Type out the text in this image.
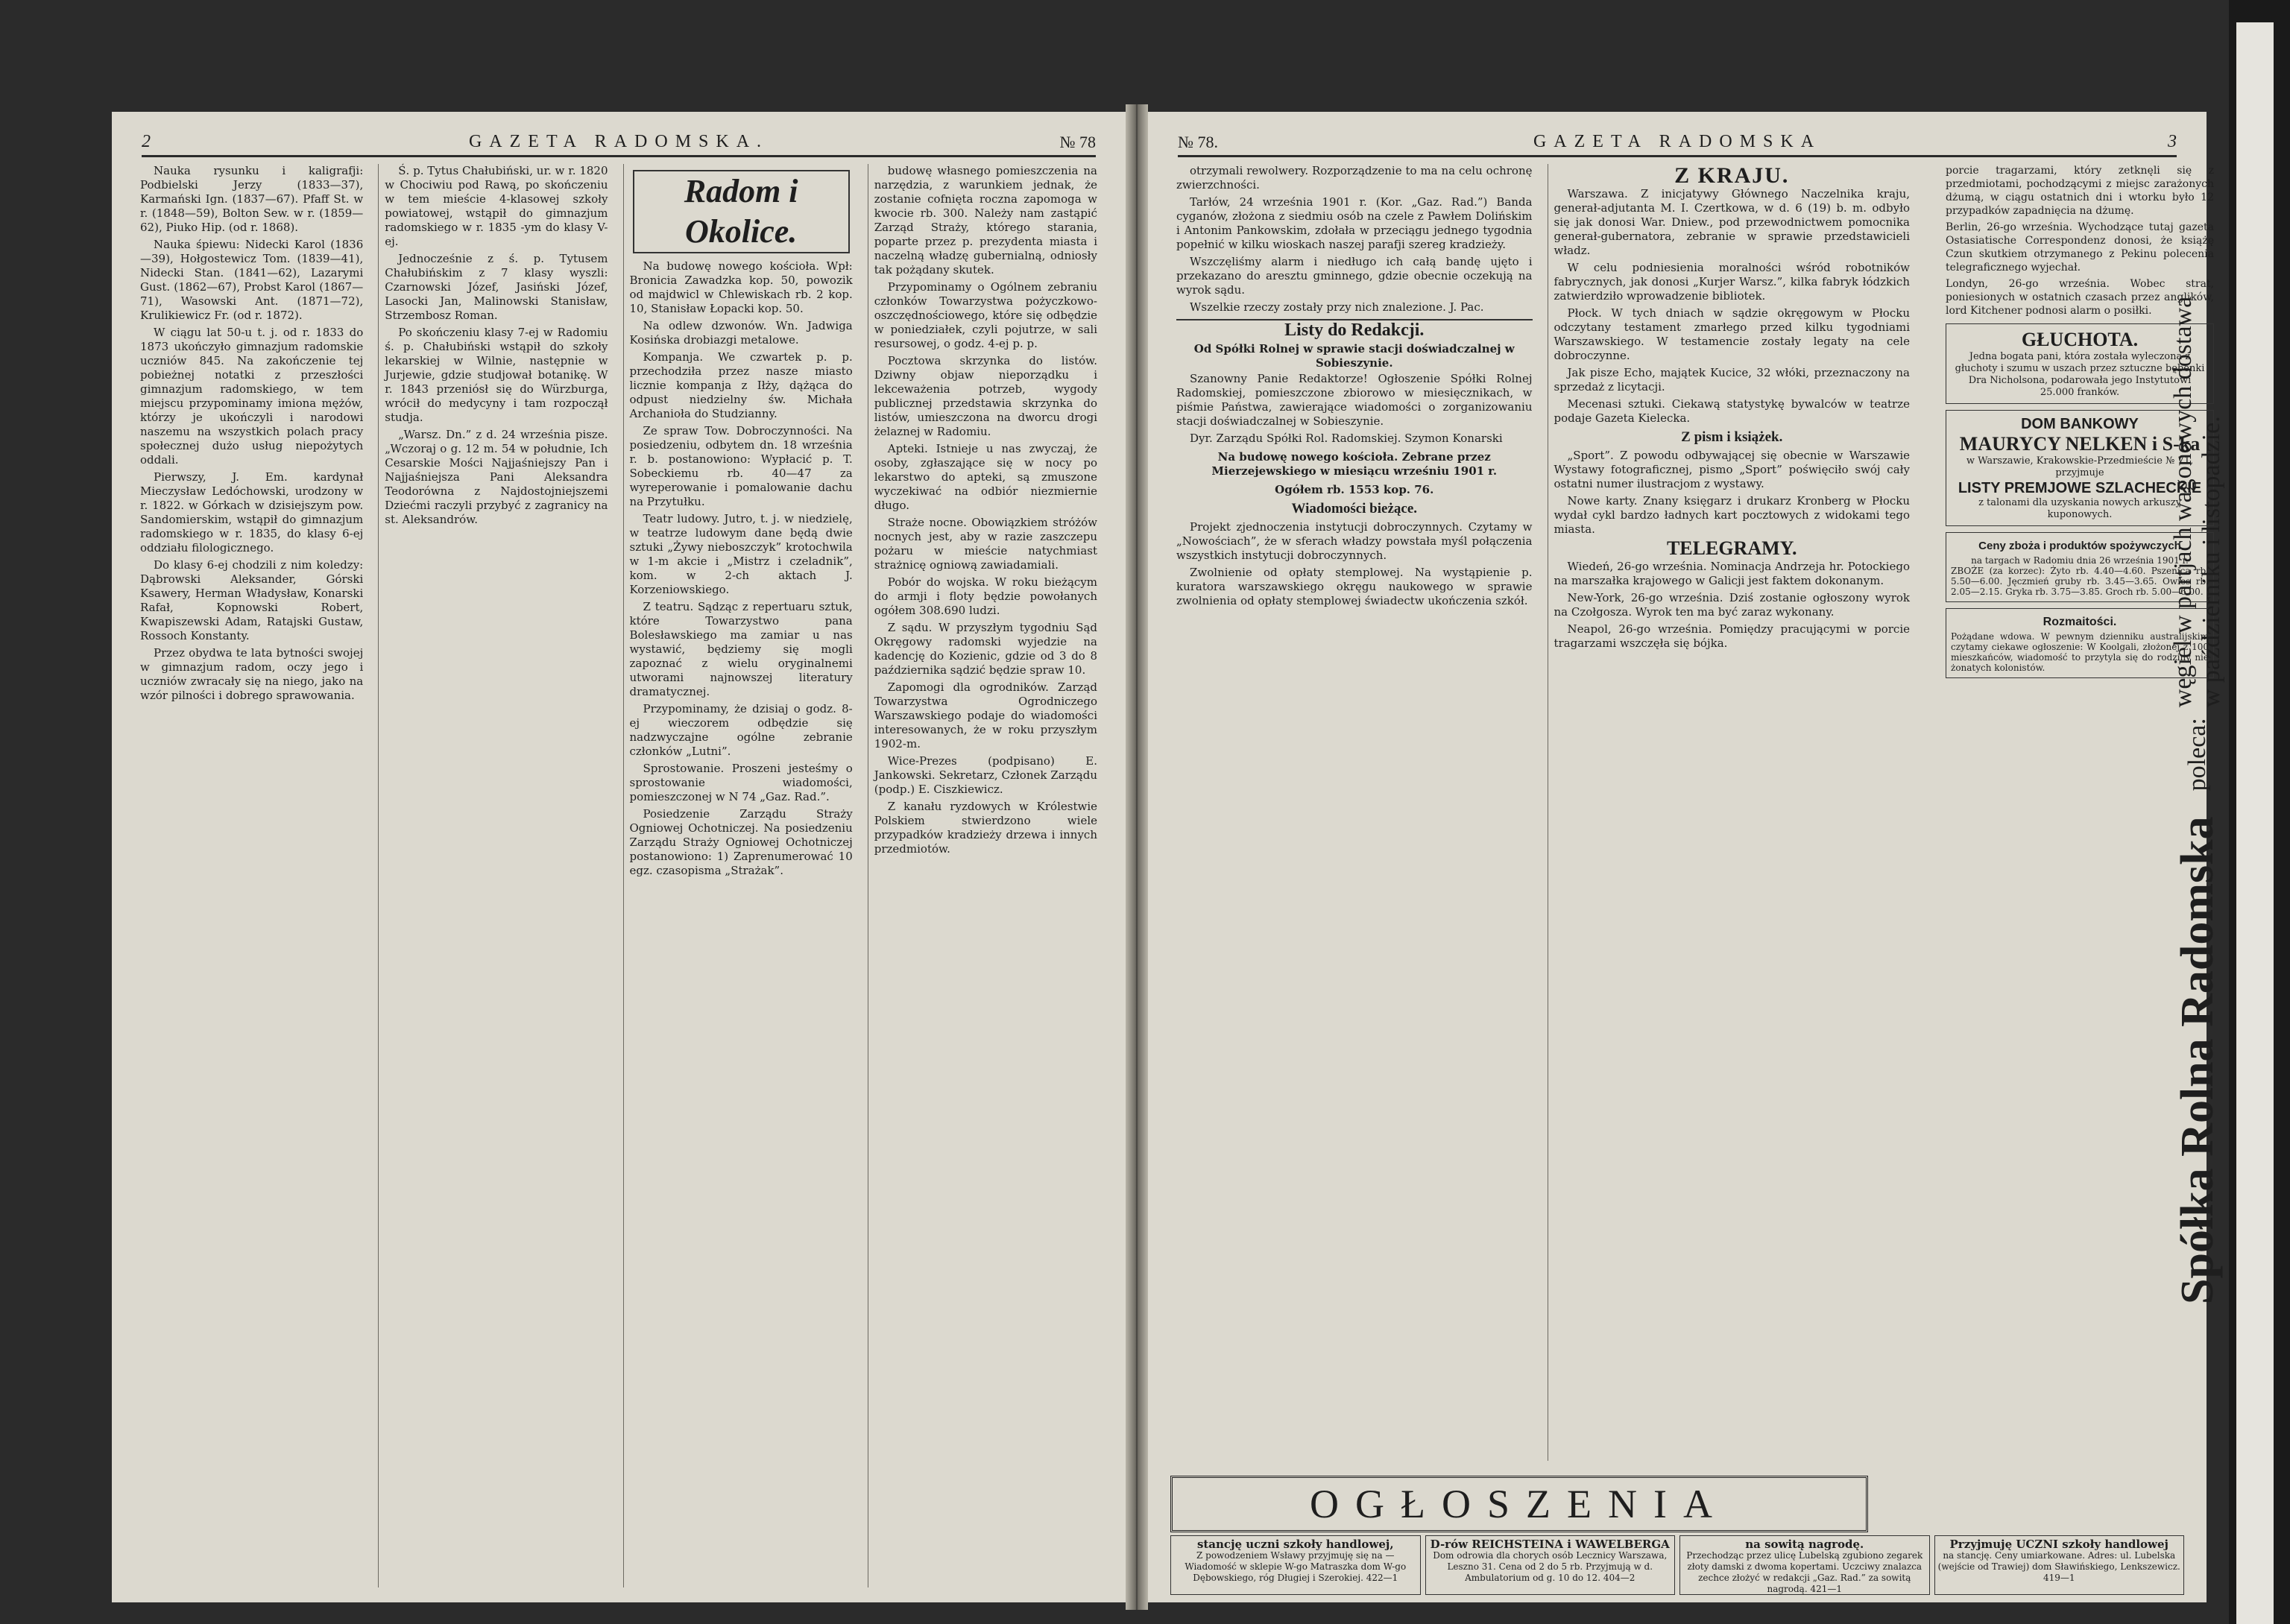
2	GAZETA RADOMSKA.	№ 78

Nauka rysunku i kaligrafji: Podbielski Jerzy (1833—37), Karmański Ign. (1837—67). Pfaff St. w r. (1848—59), Bolton Sew. w r. (1859—62), Piuko Hip. (od r. 1868).

Nauka śpiewu: Nidecki Karol (1836—39), Hołgostewicz Tom. (1839—41), Nidecki Stan. (1841—62), Lazarymi Gust. (1862—67), Probst Karol (1867—71), Wasowski Ant. (1871—72), Krulikiewicz Fr. (od r. 1872).

W ciągu lat 50-u t. j. od r. 1833 do 1873 ukończyło gimnazjum radomskie uczniów 845. Na zakończenie tej pobieżnej notatki z przeszłości gimnazjum radomskiego, w tem miejscu przypominamy imiona mężów, którzy je ukończyli i narodowi naszemu na wszystkich polach pracy społecznej dużo usług niepożytych oddali.

Pierwszy, J. Em. kardynał Mieczysław Ledóchowski, urodzony w r. 1822. w Górkach w dzisiejszym pow. Sandomierskim, wstąpił do gimnazjum radomskiego w r. 1835, do klasy 6-ej oddziału filologicznego.

Do klasy 6-ej chodzili z nim koledzy: Dąbrowski Aleksander, Górski Ksawery, Herman Władysław, Konarski Rafał, Kopnowski Robert, Kwapiszewski Adam, Ratajski Gustaw, Rossoch Konstanty.

Przez obydwa te lata bytności swojej w gimnazjum radom, oczy jego i uczniów zwracały się na niego, jako na wzór pilności i dobrego sprawowania.

Ś. p. Tytus Chałubiński, ur. w r. 1820 w Chociwiu pod Rawą, po skończeniu w tem mieście 4-klasowej szkoły powiatowej, wstąpił do gimnazjum radomskiego w r. 1835 -ym do klasy V-ej.

Jednocześnie z ś. p. Tytusem Chałubińskim z 7 klasy wyszli: Czarnowski Józef, Jasiński Józef, Lasocki Jan, Malinowski Stanisław, Strzembosz Roman.

Po skończeniu klasy 7-ej w Radomiu ś. p. Chałubiński wstąpił do szkoły lekarskiej w Wilnie, następnie w Jurjewie, gdzie studjował botanikę. W r. 1843 przeniósł się do Würzburga, wrócił do medycyny i tam rozpoczął studja.

„Warsz. Dn.” z d. 24 września pisze. „Wczoraj o g. 12 m. 54 w południe, Ich Cesarskie Mości Najjaśniejszy Pan i Najjaśniejsza Pani Aleksandra Teodorówna z Najdostojniejszemi Dziećmi raczyli przybyć z zagranicy na st. Aleksandrów.

Radom i Okolice.

Na budowę nowego kościoła. Wpł: Bronicia Zawadzka kop. 50, powozik od majdwicl w Chlewiskach rb. 2 kop. 10, Stanisław Łopacki kop. 50.

Na odlew dzwonów. Wn. Jadwiga Kosińska drobiazgi metalowe.

Kompanja. We czwartek p. p. przechodziła przez nasze miasto licznie kompanja z Iłży, dążąca do odpust niedzielny św. Michała Archanioła do Studzianny.

Ze spraw Tow. Dobroczynności. Na posiedzeniu, odbytem dn. 18 września r. b. postanowiono: Wypłacić p. T. Sobeckiemu rb. 40—47 za wyreperowanie i pomalowanie dachu na Przytułku.

Teatr ludowy. Jutro, t. j. w niedzielę, w teatrze ludowym dane będą dwie sztuki „Żywy nieboszczyk” krotochwila w 1-m akcie i „Mistrz i czeladnik”, kom. w 2-ch aktach J. Korzeniowskiego.

Z teatru. Sądząc z repertuaru sztuk, które Towarzystwo pana Bolesławskiego ma zamiar u nas wystawić, będziemy się mogli zapoznać z wielu oryginalnemi utworami najnowszej literatury dramatycznej.

Przypominamy, że dzisiaj o godz. 8-ej wieczorem odbędzie się nadzwyczajne ogólne zebranie członków „Lutni”.

Sprostowanie. Proszeni jesteśmy o sprostowanie wiadomości, pomieszczonej w N 74 „Gaz. Rad.”.

Posiedzenie Zarządu Straży Ogniowej Ochotniczej. Na posiedzeniu Zarządu Straży Ogniowej Ochotniczej postanowiono: 1) Zaprenumerować 10 egz. czasopisma „Strażak”.

budowę własnego pomieszczenia na narzędzia, z warunkiem jednak, że zostanie cofnięta roczna zapomoga w kwocie rb. 300. Należy nam zastąpić Zarząd Straży, którego starania, poparte przez p. prezydenta miasta i naczelną władzę gubernialną, odniosły tak pożądany skutek.

Przypominamy o Ogólnem zebraniu członków Towarzystwa pożyczkowo-oszczędnościowego, które się odbędzie w poniedziałek, czyli pojutrze, w sali resursowej, o godz. 4-ej p. p.

Pocztowa skrzynka do listów. Dziwny objaw nieporządku i lekceważenia potrzeb, wygody publicznej przedstawia skrzynka do listów, umieszczona na dworcu drogi żelaznej w Radomiu.

Apteki. Istnieje u nas zwyczaj, że osoby, zgłaszające się w nocy po lekarstwo do apteki, są zmuszone wyczekiwać na odbiór niezmiernie długo.

Straże nocne. Obowiązkiem stróżów nocnych jest, aby w razie zaszczepu pożaru w mieście natychmiast strażnicę ogniową zawiadamiali.

Pobór do wojska. W roku bieżącym do armji i floty będzie powołanych ogółem 308.690 ludzi.

Z sądu. W przyszłym tygodniu Sąd Okręgowy radomski wyjedzie na kadencję do Kozienic, gdzie od 3 do 8 października sądzić będzie spraw 10.

Zapomogi dla ogrodników. Zarząd Towarzystwa Ogrodniczego Warszawskiego podaje do wiadomości interesowanych, że w roku przyszłym 1902-m.

Wice-Prezes (podpisano) E. Jankowski. Sekretarz, Członek Zarządu (podp.) E. Ciszkiewicz.

Z kanału ryzdowych w Królestwie Polskiem stwierdzono wiele przypadków kradzieży drzewa i innych przedmiotów.

№ 78.	GAZETA RADOMSKA	3

otrzymali rewolwery. Rozporządzenie to ma na celu ochronę zwierzchności.

Tarłów, 24 września 1901 r. (Kor. „Gaz. Rad.”) Banda cyganów, złożona z siedmiu osób na czele z Pawłem Dolińskim i Antonim Pankowskim, zdołała w przeciągu jednego tygodnia popełnić w kilku wioskach naszej parafji szereg kradzieży.

Wszczęliśmy alarm i niedługo ich całą bandę ujęto i przekazano do aresztu gminnego, gdzie obecnie oczekują na wyrok sądu.

Wszelkie rzeczy zostały przy nich znalezione. J. Pac.

Listy do Redakcji.
Od Spółki Rolnej w sprawie stacji doświadczalnej w Sobieszynie.

Szanowny Panie Redaktorze! Ogłoszenie Spółki Rolnej Radomskiej, pomieszczone zbiorowo w miesięcznikach, w piśmie Państwa, zawierające wiadomości o zorganizowaniu stacji doświadczalnej w Sobieszynie.

Dyr. Zarządu Spółki Rol. Radomskiej. Szymon Konarski

Na budowę nowego kościoła. Zebrane przez Mierzejewskiego w miesiącu wrześniu 1901 r.
Ogółem rb. 1553 kop. 76.
Wiadomości bieżące.

Projekt zjednoczenia instytucji dobroczynnych. Czytamy w „Nowościach”, że w sferach władzy powstała myśl połączenia wszystkich instytucji dobroczynnych.

Zwolnienie od opłaty stemplowej. Na wystąpienie p. kuratora warszawskiego okręgu naukowego w sprawie zwolnienia od opłaty stemplowej świadectw ukończenia szkół.

Z KRAJU.

Warszawa. Z inicjatywy Głównego Naczelnika kraju, generał-adjutanta M. I. Czertkowa, w d. 6 (19) b. m. odbyło się jak donosi War. Dniew., pod przewodnictwem pomocnika generał-gubernatora, zebranie w sprawie przedstawicieli władz.

W celu podniesienia moralności wśród robotników fabrycznych, jak donosi „Kurjer Warsz.”, kilka fabryk łódzkich zatwierdziło wprowadzenie bibliotek.

Płock. W tych dniach w sądzie okręgowym w Płocku odczytany testament zmarłego przed kilku tygodniami Warszawskiego. W testamencie zostały legaty na cele dobroczynne.

Jak pisze Echo, majątek Kucice, 32 włóki, przeznaczony na sprzedaż z licytacji.

Mecenasi sztuki. Ciekawą statystykę bywalców w teatrze podaje Gazeta Kielecka.

Z pism i książek.

„Sport”. Z powodu odbywającej się obecnie w Warszawie Wystawy fotograficznej, pismo „Sport” poświęciło swój cały ostatni numer ilustracjom z wystawy.

Nowe karty. Znany księgarz i drukarz Kronberg w Płocku wydał cykl bardzo ładnych kart pocztowych z widokami tego miasta.

TELEGRAMY.

Wiedeń, 26-go września. Nominacja Andrzeja hr. Potockiego na marszałka krajowego w Galicji jest faktem dokonanym.

New-York, 26-go września. Dziś zostanie ogłoszony wyrok na Czołgosza. Wyrok ten ma być zaraz wykonany.

Neapol, 26-go września. Pomiędzy pracującymi w porcie tragarzami wszczęła się bójka.

porcie tragarzami, który zetknęli się z przedmiotami, pochodzącymi z miejsc zarażonych dżumą, w ciągu ostatnich dni i wtorku było 12 przypadków zapadnięcia na dżumę.

Berlin, 26-go września. Wychodzące tutaj gazeta Ostasiatische Correspondenz donosi, że książę Czun skutkiem otrzymanego z Pekinu polecenia telegraficznego wyjechał.

Londyn, 26-go września. Wobec strat, poniesionych w ostatnich czasach przez anglików, lord Kitchener podnosi alarm o posiłki.

GŁUCHOTA.
Jedna bogata pani, która została wyleczona z głuchoty i szumu w uszach przez sztuczne bębenki Dra Nicholsona, podarowała jego Instytutowi 25.000 franków.
DOM BANKOWY
MAURYCY NELKEN i S-ka
w Warszawie, Krakowskie-Przedmieście № 71,
przyjmuje
LISTY PREMJOWE SZLACHECKIE
z talonami dla uzyskania nowych arkuszy kuponowych.
Ceny zboża i produktów spożywczych
na targach w Radomiu dnia 26 września 1901 r.
ZBOŻE (za korzec): Żyto rb. 4.40—4.60. Pszenica rb. 5.50—6.00. Jęczmień gruby rb. 3.45—3.65. Owies rb. 2.05—2.15. Gryka rb. 3.75—3.85. Groch rb. 5.00—6.00.
Rozmaitości.
Pożądane wdowa. W pewnym dzienniku australijskim czytamy ciekawe ogłoszenie: W Koolgali, złożonej z 100 mieszkańców, wiadomość to przytyla się do rodziny nie żonatych kolonistów.
Spółka Rolna Radomska poleca: węgiel w partjach wagonowych dostawa
w październiku i listopadzie.
OGŁOSZENIA
stancję uczni szkoły handlowej,
Z powodzeniem Wsławy przyjmuję się na — Wiadomość w sklepie W-go Matraszka dom W-go Dębowskiego, róg Długiej i Szerokiej. 422—1
D-rów REICHSTEINA i WAWELBERGA
Dom odrowia dla chorych osób Lecznicy Warszawa, Leszno 31. Cena od 2 do 5 rb. Przyjmują w d. Ambulatorium od g. 10 do 12. 404—2
na sowitą nagrodę.
Przechodząc przez ulicę Lubelską zgubiono zegarek złoty damski z dwoma kopertami. Uczciwy znalazca zechce złożyć w redakcji „Gaz. Rad.” za sowitą nagrodą. 421—1
Przyjmuję UCZNI szkoły handlowej
na stancję. Ceny umiarkowane. Adres: ul. Lubelska (wejście od Trawiej) dom Sławińskiego, Lenkszewicz. 419—1
